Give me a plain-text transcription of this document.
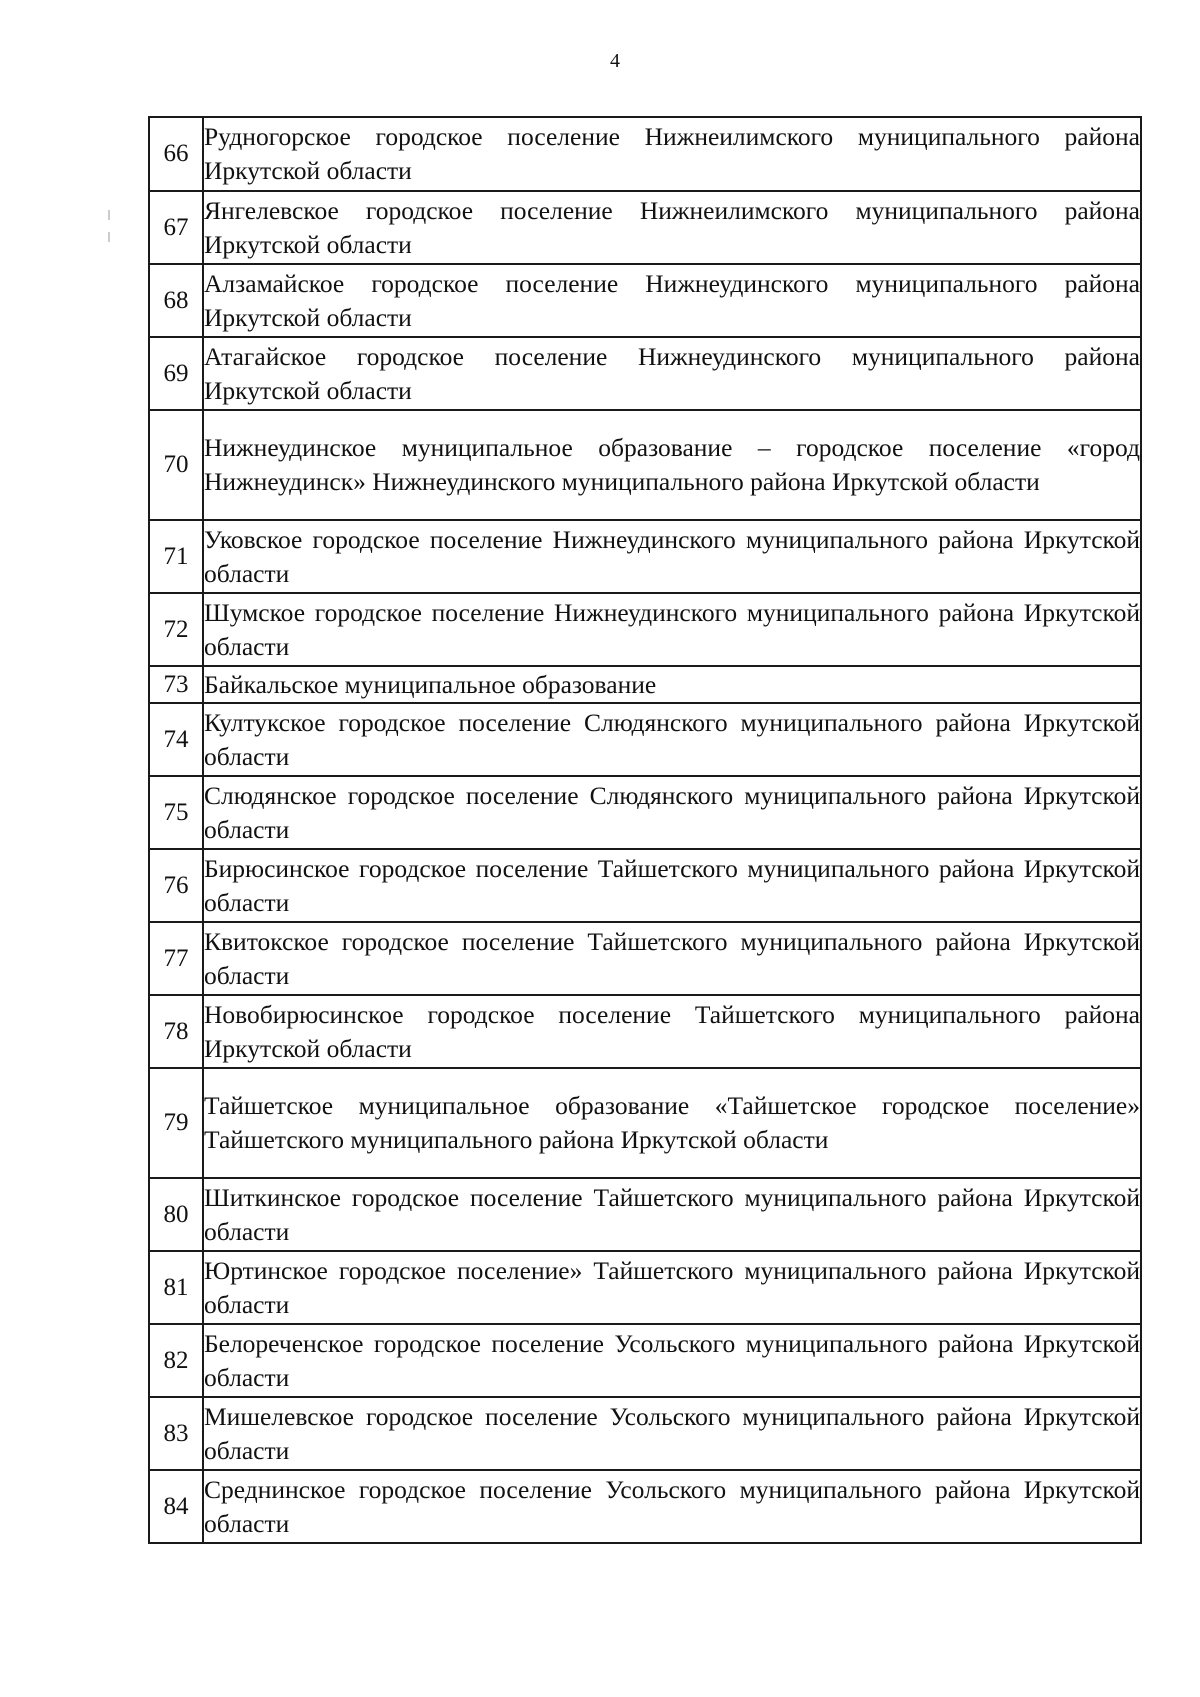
4
66	Рудногорское городское поселение Нижнеилимского муниципального района Иркутской области
67	Янгелевское городское поселение Нижнеилимского муниципального района Иркутской области
68	Алзамайское городское поселение Нижнеудинского муниципального района Иркутской области
69	Атагайское городское поселение Нижнеудинского муниципального района Иркутской области
70	Нижнеудинское муниципальное образование – городское поселение «город Нижнеудинск» Нижнеудинского муниципального района Иркутской области
71	Уковское городское поселение Нижнеудинского муниципального района Иркутской области
72	Шумское городское поселение Нижнеудинского муниципального района Иркутской области
73	Байкальское муниципальное образование
74	Култукское городское поселение Слюдянского муниципального района Иркутской области
75	Слюдянское городское поселение Слюдянского муниципального района Иркутской области
76	Бирюсинское городское поселение Тайшетского муниципального района Иркутской области
77	Квитокское городское поселение Тайшетского муниципального района Иркутской области
78	Новобирюсинское городское поселение Тайшетского муниципального района Иркутской области
79	Тайшетское муниципальное образование «Тайшетское городское поселение» Тайшетского муниципального района Иркутской области
80	Шиткинское городское поселение Тайшетского муниципального района Иркутской области
81	Юртинское городское поселение» Тайшетского муниципального района Иркутской области
82	Белореченское городское поселение Усольского муниципального района Иркутской области
83	Мишелевское городское поселение Усольского муниципального района Иркутской области
84	Среднинское городское поселение Усольского муниципального района Иркутской области
